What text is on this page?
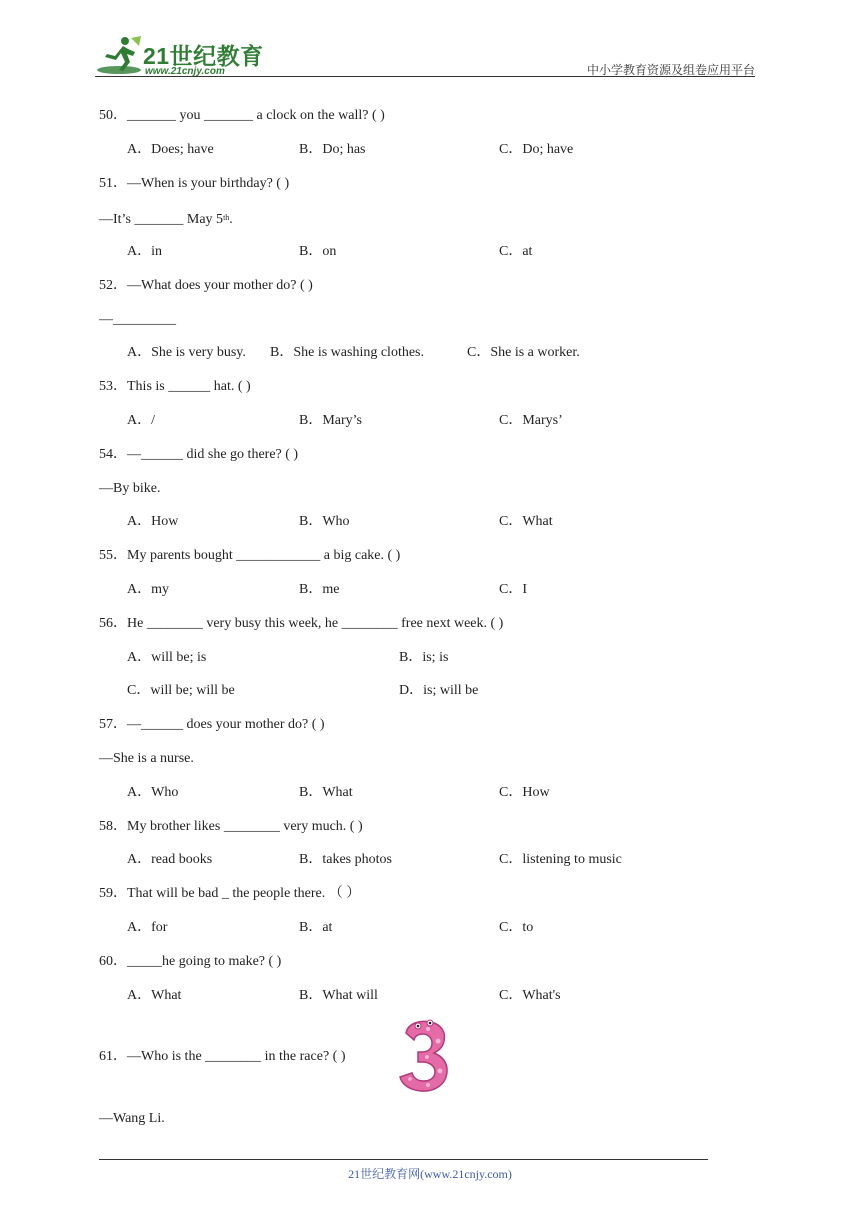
21世纪教育
www.21cnjy.com	中小学教育资源及组卷应用平台
50．_______ you _______ a clock on the wall? ( )
A．Does; have	B．Do; has	C．Do; have
51．—When is your birthday? ( )
—It’s _______ May 5th.
A．in	B．on	C．at
52．—What does your mother do? ( )
—_________
A．She is very busy. B．She is washing clothes.	C．She is a worker.
53．This is ______ hat. ( )
A．/	B．Mary’s	C．Marys’
54．—______ did she go there? ( )
—By bike.
A．How	B．Who	C．What
55．My parents bought ____________ a big cake. ( )
A．my	B．me	C．I
56．He ________ very busy this week, he ________ free next week. ( )
A．will be; is	B．is; is
C．will be; will be	D．is; will be
57．—______ does your mother do? ( )
—She is a nurse.
A．Who	B．What	C．How
58．My brother likes ________ very much. ( )
A．read books	B．takes photos	C．listening to music
59．That will be bad _ the people there. （ ）
A．for	B．at	C．to
60．_____he going to make? ( )
A．What	B．What will	C．What's
61．—Who is the ________ in the race? ( )
—Wang Li.
21世纪教育网(www.21cnjy.com)
